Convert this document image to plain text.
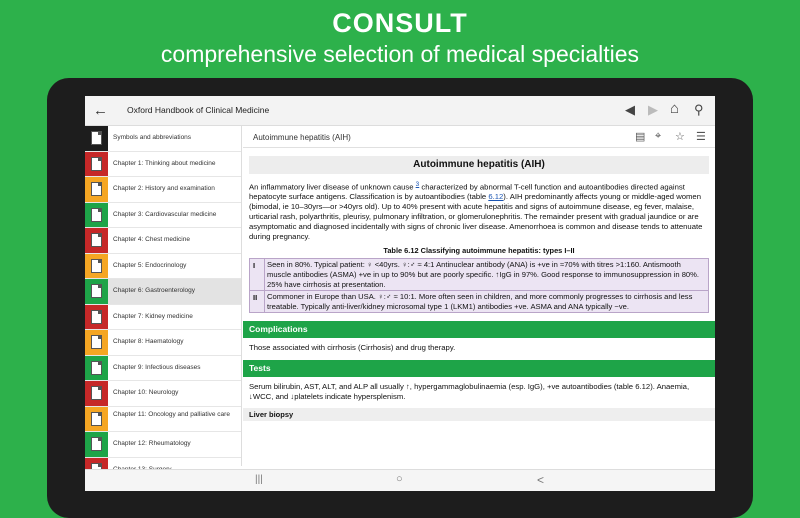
CONSULT
comprehensive selection of medical specialties
← Oxford Handbook of Clinical Medicine	◀ ▶ ⌂ ⚲
Symbols and abbreviations
Chapter 1: Thinking about medicine
Chapter 2: History and examination
Chapter 3: Cardiovascular medicine
Chapter 4: Chest medicine
Chapter 5: Endocrinology
Chapter 6: Gastroenterology
Chapter 7: Kidney medicine
Chapter 8: Haematology
Chapter 9: Infectious diseases
Chapter 10: Neurology
Chapter 11: Oncology and palliative care
Chapter 12: Rheumatology
Autoimmune hepatitis (AIH)	▤ ⌖ ☆ ☰
Autoimmune hepatitis (AIH)
An inflammatory liver disease of unknown cause $^3$ characterized by abnormal T-cell function and autoantibodies directed against hepatocyte surface antigens. Classification is by autoantibodies (table 6.12). AIH predominantly affects young or middle-aged women (bimodal, ie 10–30yrs—or >40yrs old). Up to 40% present with acute hepatitis and signs of autoimmune disease, eg fever, malaise, urticarial rash, polyarthritis, pleurisy, pulmonary infiltration, or glomerulonephritis. The remainder present with gradual jaundice or are asymptomatic and diagnosed incidentally with signs of chronic liver disease. Amenorrhoea is common and disease tends to attenuate during pregnancy.
Table 6.12 Classifying autoimmune hepatitis: types I–II
I	Seen in 80%. Typical patient: ♀ <40yrs. ♀:♂ ≈ 4:1 Antinuclear antibody (ANA) is +ve in ≈70% with titres >1:160. Antismooth muscle antibodies (ASMA) +ve in up to 90% but are poorly specific. ↑IgG in 97%. Good response to immunosuppression in 80%. 25% have cirrhosis at presentation.
II	Commoner in Europe than USA. ♀:♂ ≈ 10:1. More often seen in children, and more commonly progresses to cirrhosis and less treatable. Typically anti-liver/kidney microsomal type 1 (LKM1) antibodies +ve. ASMA and ANA typically −ve.
Complications
Those associated with cirrhosis (Cirrhosis) and drug therapy.
Tests
Serum bilirubin, AST, ALT, and ALP all usually ↑, hypergammaglobulinaemia (esp. IgG), +ve autoantibodies (table 6.12). Anaemia, ↓WCC, and ↓platelets indicate hypersplenism.
Liver biopsy
|||	○	<
